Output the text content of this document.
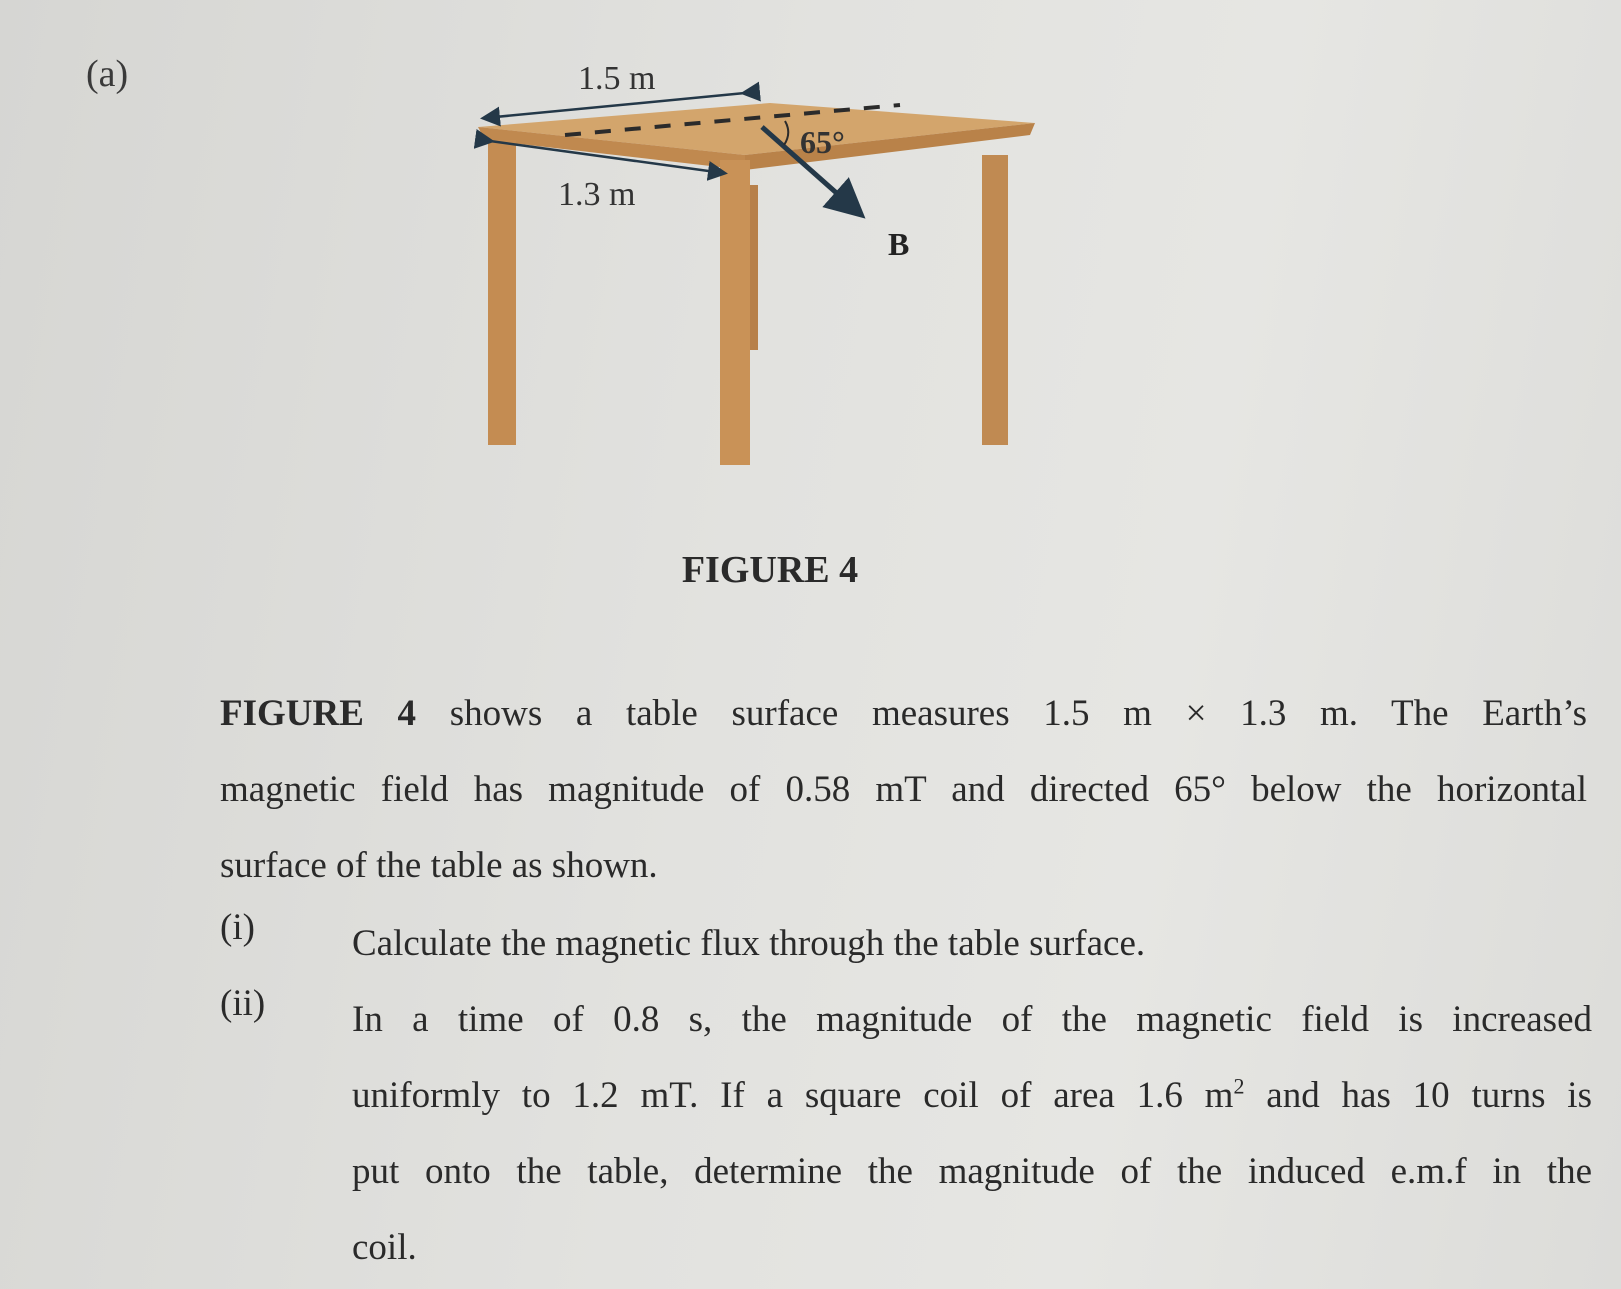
(a)	1.5 m
1.3 m
65°
B
FIGURE 4
FIGURE 4 shows a table surface measures 1.5 m × 1.3 m. The Earth’s
magnetic field has magnitude of 0.58 mT and directed 65° below the horizontal
surface of the table as shown.
(i)	Calculate the magnetic flux through the table surface.
(ii) In a time of 0.8 s, the magnitude of the magnetic field is increased
uniformly to 1.2 mT. If a square coil of area 1.6 $m^2$ and has 10 turns is
put onto the table, determine the magnitude of the induced e.m.f in the
coil.
